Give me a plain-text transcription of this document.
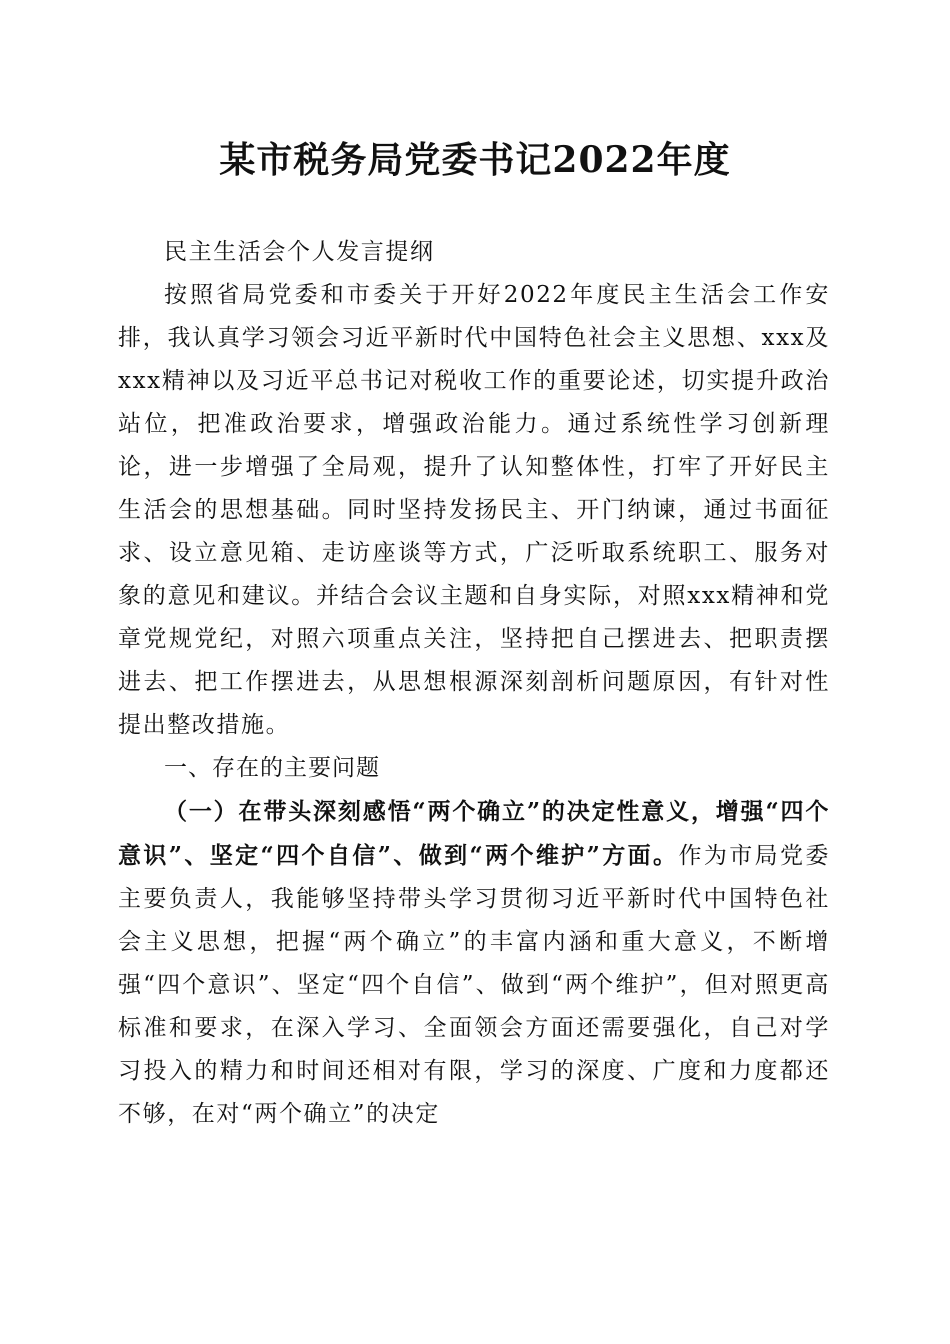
某市税务局党委书记2022年度

民主生活会个人发言提纲

按照省局党委和市委关于开好2022年度民主生活会工作安排，我认真学习领会习近平新时代中国特色社会主义思想、xxx及xxx精神以及习近平总书记对税收工作的重要论述，切实提升政治站位，把准政治要求，增强政治能力。通过系统性学习创新理论，进一步增强了全局观，提升了认知整体性，打牢了开好民主生活会的思想基础。同时坚持发扬民主、开门纳谏，通过书面征求、设立意见箱、走访座谈等方式，广泛听取系统职工、服务对象的意见和建议。并结合会议主题和自身实际，对照xxx精神和党章党规党纪，对照六项重点关注，坚持把自己摆进去、把职责摆进去、把工作摆进去，从思想根源深刻剖析问题原因，有针对性提出整改措施。

一、存在的主要问题

（一）在带头深刻感悟“两个确立”的决定性意义，增强“四个意识”、坚定“四个自信”、做到“两个维护”方面。作为市局党委主要负责人，我能够坚持带头学习贯彻习近平新时代中国特色社会主义思想，把握“两个确立”的丰富内涵和重大意义，不断增强“四个意识”、坚定“四个自信”、做到“两个维护”，但对照更高标准和要求，在深入学习、全面领会方面还需要强化，自己对学习投入的精力和时间还相对有限，学习的深度、广度和力度都还不够，在对“两个确立”的决定
